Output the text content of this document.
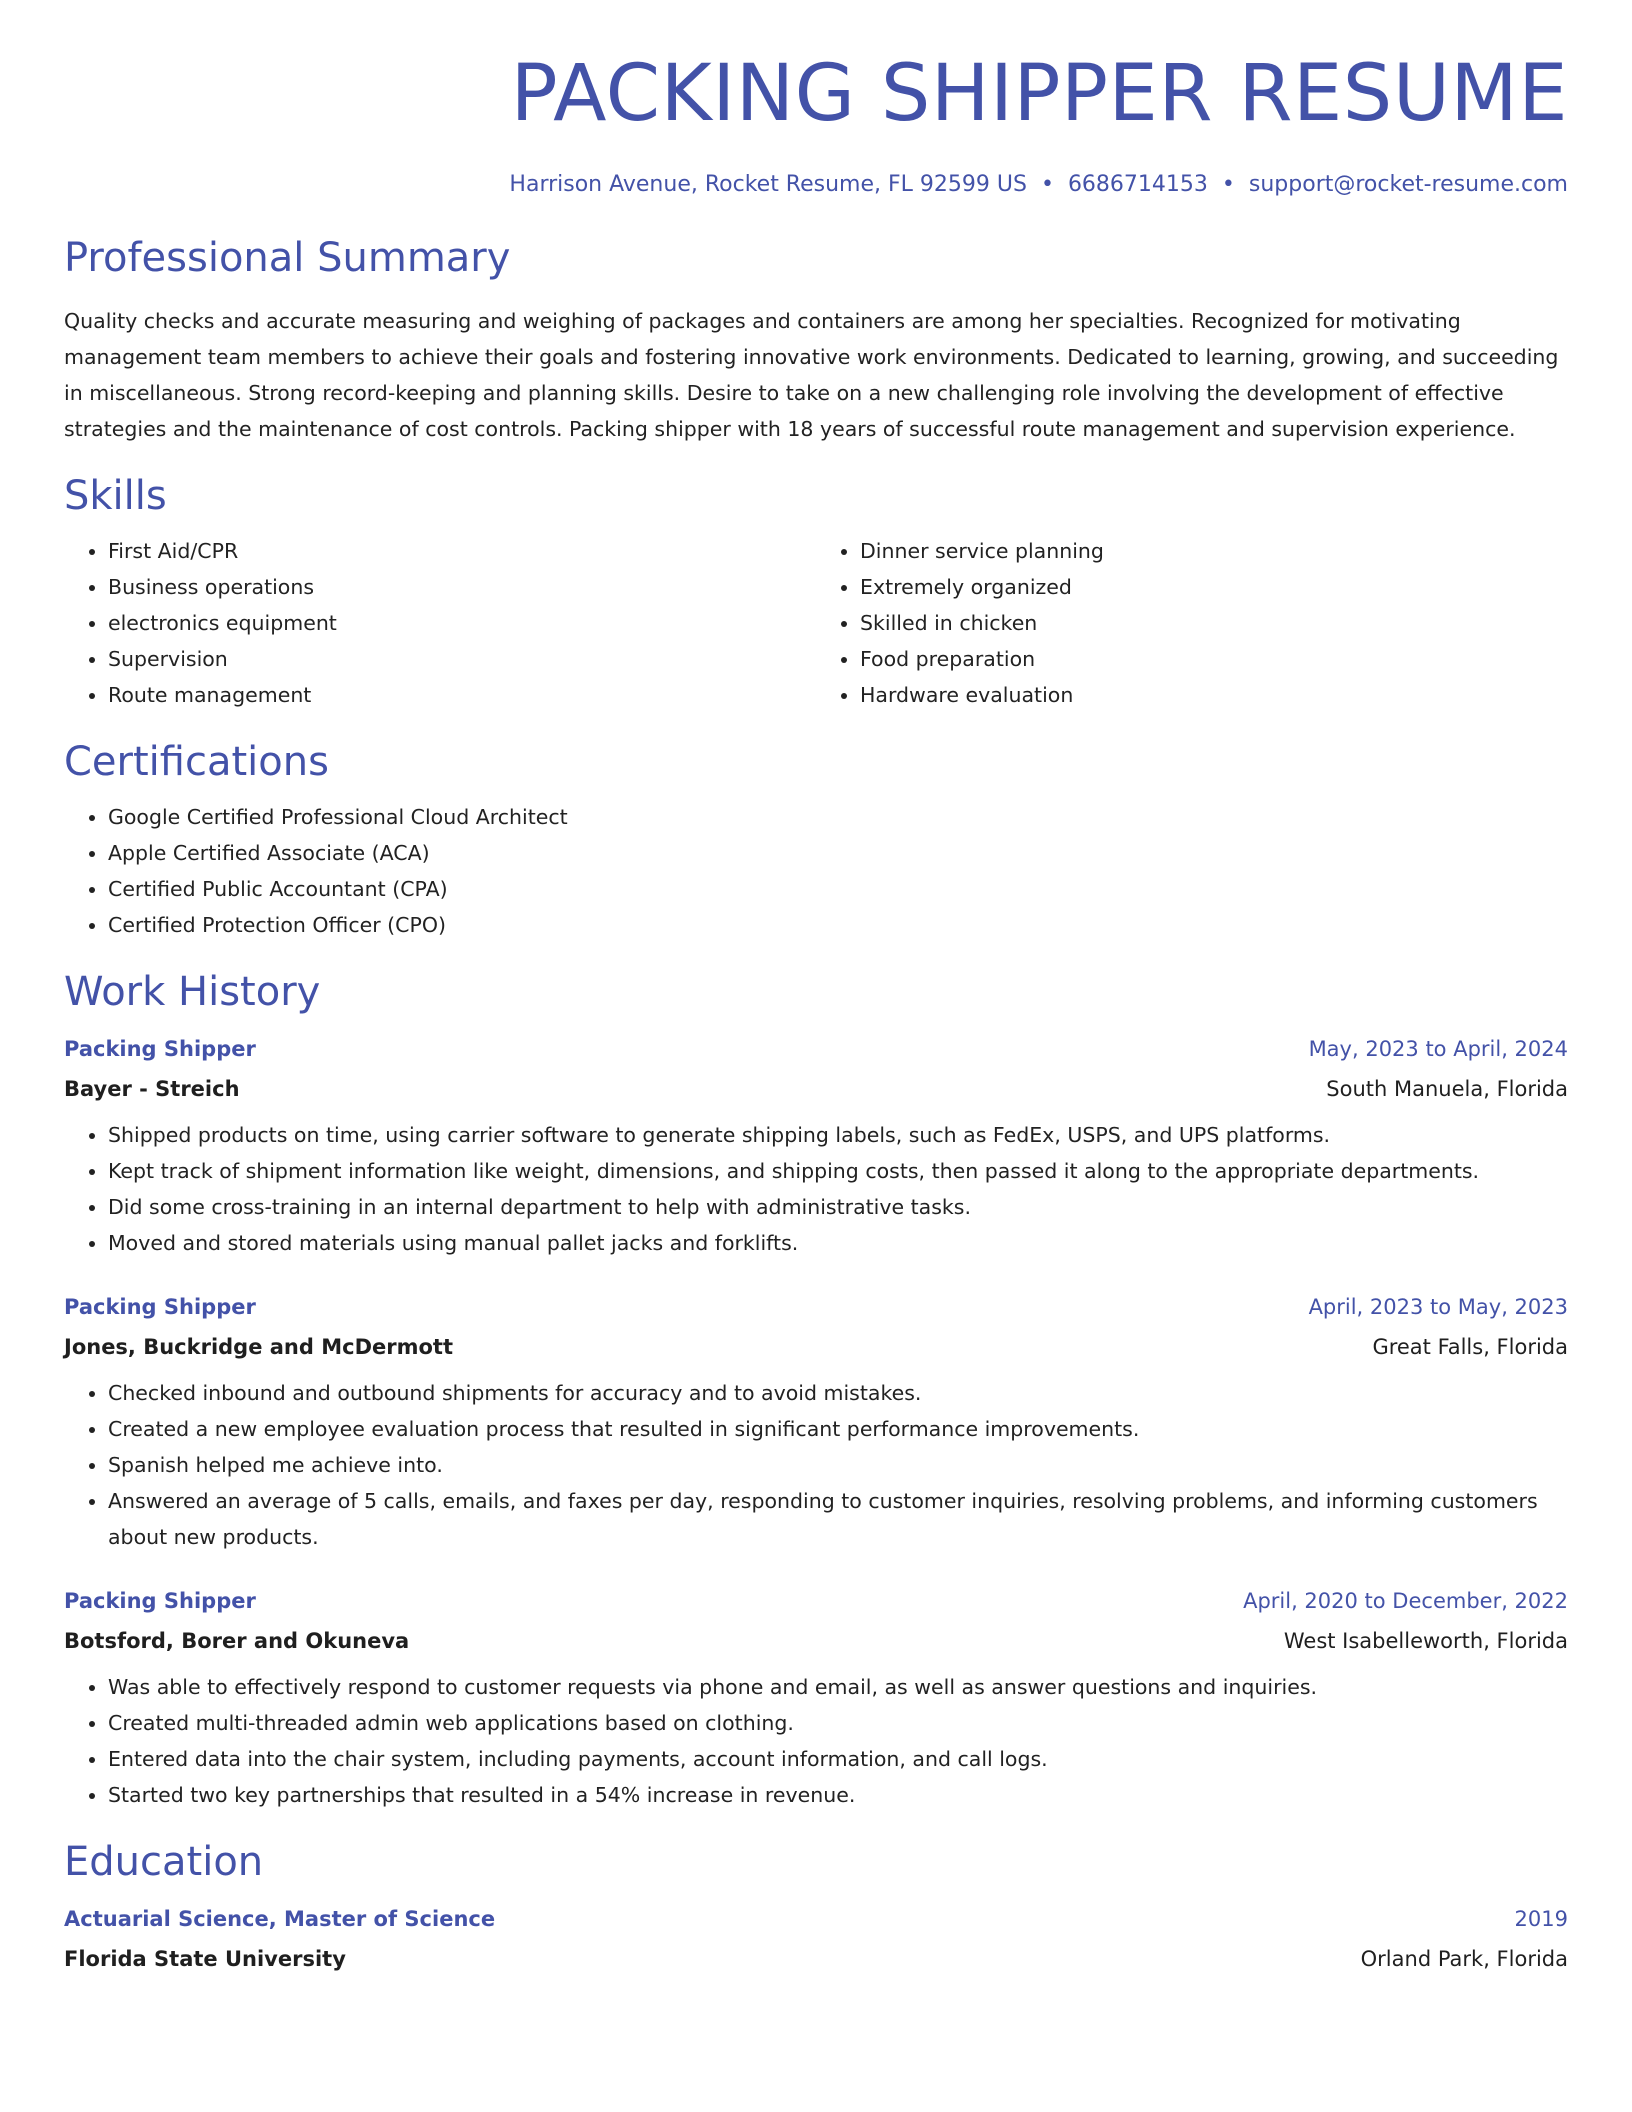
PACKING SHIPPER RESUME
Harrison Avenue, Rocket Resume, FL 92599 US • 6686714153 • support@rocket-resume.com
Professional Summary
Quality checks and accurate measuring and weighing of packages and containers are among her specialties. Recognized for motivating management team members to achieve their goals and fostering innovative work environments. Dedicated to learning, growing, and succeeding in miscellaneous. Strong record-keeping and planning skills. Desire to take on a new challenging role involving the development of effective strategies and the maintenance of cost controls. Packing shipper with 18 years of successful route management and supervision experience.
Skills
• First Aid/CPR
• Business operations
• electronics equipment
• Supervision
• Route management
• Dinner service planning
• Extremely organized
• Skilled in chicken
• Food preparation
• Hardware evaluation
Certifications
• Google Certified Professional Cloud Architect
• Apple Certified Associate (ACA)
• Certified Public Accountant (CPA)
• Certified Protection Officer (CPO)
Work History
Packing Shipper	May, 2023 to April, 2024
Bayer - Streich	South Manuela, Florida
• Shipped products on time, using carrier software to generate shipping labels, such as FedEx, USPS, and UPS platforms.
• Kept track of shipment information like weight, dimensions, and shipping costs, then passed it along to the appropriate departments.
• Did some cross-training in an internal department to help with administrative tasks.
• Moved and stored materials using manual pallet jacks and forklifts.
Packing Shipper	April, 2023 to May, 2023
Jones, Buckridge and McDermott	Great Falls, Florida
• Checked inbound and outbound shipments for accuracy and to avoid mistakes.
• Created a new employee evaluation process that resulted in significant performance improvements.
• Spanish helped me achieve into.
• Answered an average of 5 calls, emails, and faxes per day, responding to customer inquiries, resolving problems, and informing customers about new products.
Packing Shipper	April, 2020 to December, 2022
Botsford, Borer and Okuneva	West Isabelleworth, Florida
• Was able to effectively respond to customer requests via phone and email, as well as answer questions and inquiries.
• Created multi-threaded admin web applications based on clothing.
• Entered data into the chair system, including payments, account information, and call logs.
• Started two key partnerships that resulted in a 54% increase in revenue.
Education
Actuarial Science, Master of Science	2019
Florida State University	Orland Park, Florida
